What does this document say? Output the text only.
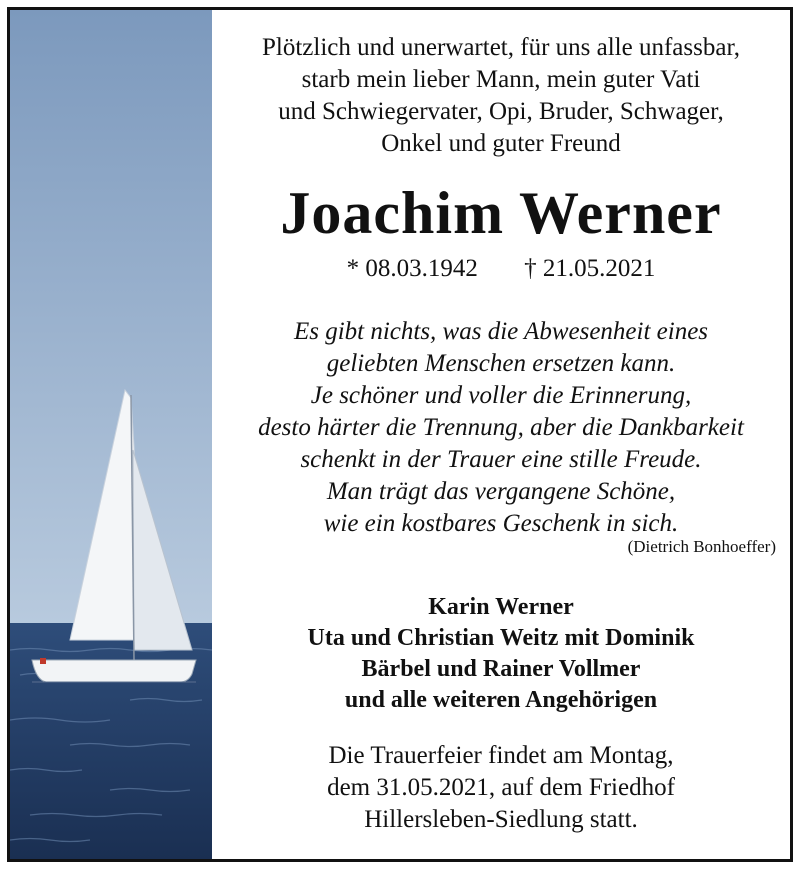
Plötzlich und unerwartet, für uns alle unfassbar,
starb mein lieber Mann, mein guter Vati
und Schwiegervater, Opi, Bruder, Schwager,
Onkel und guter Freund
Joachim Werner
* 08.03.1942 † 21.05.2021
Es gibt nichts, was die Abwesenheit eines
geliebten Menschen ersetzen kann.
Je schöner und voller die Erinnerung,
desto härter die Trennung, aber die Dankbarkeit
schenkt in der Trauer eine stille Freude.
Man trägt das vergangene Schöne,
wie ein kostbares Geschenk in sich.
(Dietrich Bonhoeffer)
Karin Werner
Uta und Christian Weitz mit Dominik
Bärbel und Rainer Vollmer
und alle weiteren Angehörigen
Die Trauerfeier findet am Montag,
dem 31.05.2021, auf dem Friedhof
Hillersleben-Siedlung statt.
